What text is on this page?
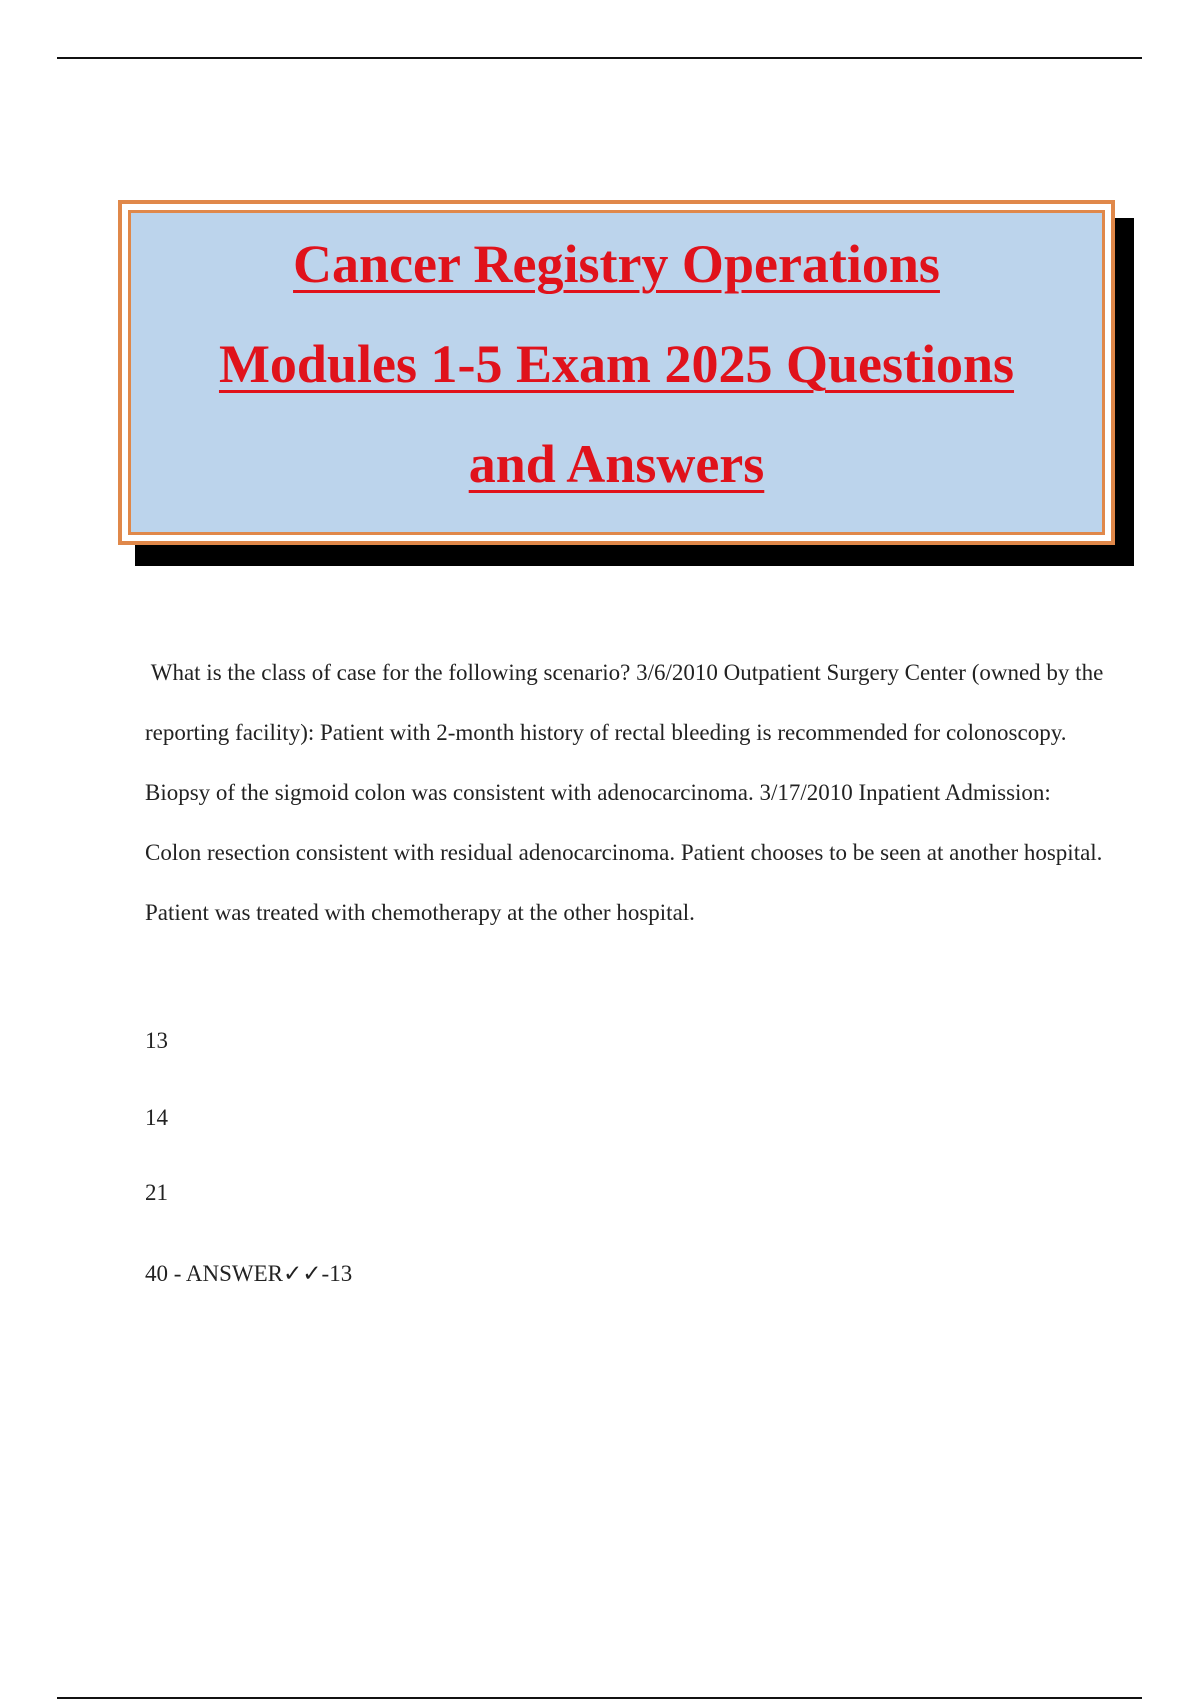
Cancer Registry Operations
Modules 1-5 Exam 2025 Questions
and Answers
What is the class of case for the following scenario? 3/6/2010 Outpatient Surgery Center (owned by the reporting facility): Patient with 2-month history of rectal bleeding is recommended for colonoscopy. Biopsy of the sigmoid colon was consistent with adenocarcinoma. 3/17/2010 Inpatient Admission: Colon resection consistent with residual adenocarcinoma. Patient chooses to be seen at another hospital. Patient was treated with chemotherapy at the other hospital.
13
14
21
40 - ANSWER✓✓-13
